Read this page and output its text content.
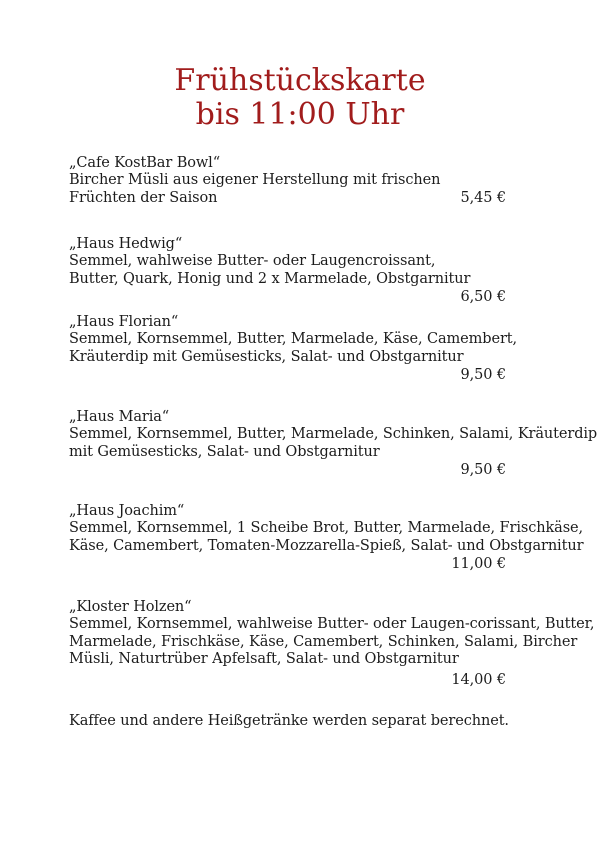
Frühstückskarte
bis 11:00 Uhr
„Cafe KostBar Bowl“
Bircher Müsli aus eigener Herstellung mit frischen
Früchten der Saison	5,45 €
„Haus Hedwig“
Semmel, wahlweise Butter- oder Laugencroissant,
Butter, Quark, Honig und 2 x Marmelade, Obstgarnitur
6,50 €
„Haus Florian“
Semmel, Kornsemmel, Butter, Marmelade, Käse, Camembert,
Kräuterdip mit Gemüsesticks, Salat- und Obstgarnitur
9,50 €
„Haus Maria“
Semmel, Kornsemmel, Butter, Marmelade, Schinken, Salami, Kräuterdip
mit Gemüsesticks, Salat- und Obstgarnitur
9,50 €
„Haus Joachim“
Semmel, Kornsemmel, 1 Scheibe Brot, Butter, Marmelade, Frischkäse,
Käse, Camembert, Tomaten-Mozzarella-Spieß, Salat- und Obstgarnitur
11,00 €
„Kloster Holzen“
Semmel, Kornsemmel, wahlweise Butter- oder Laugen-corissant, Butter,
Marmelade, Frischkäse, Käse, Camembert, Schinken, Salami, Bircher
Müsli, Naturtrüber Apfelsaft, Salat- und Obstgarnitur
14,00 €
Kaffee und andere Heißgetränke werden separat berechnet.
